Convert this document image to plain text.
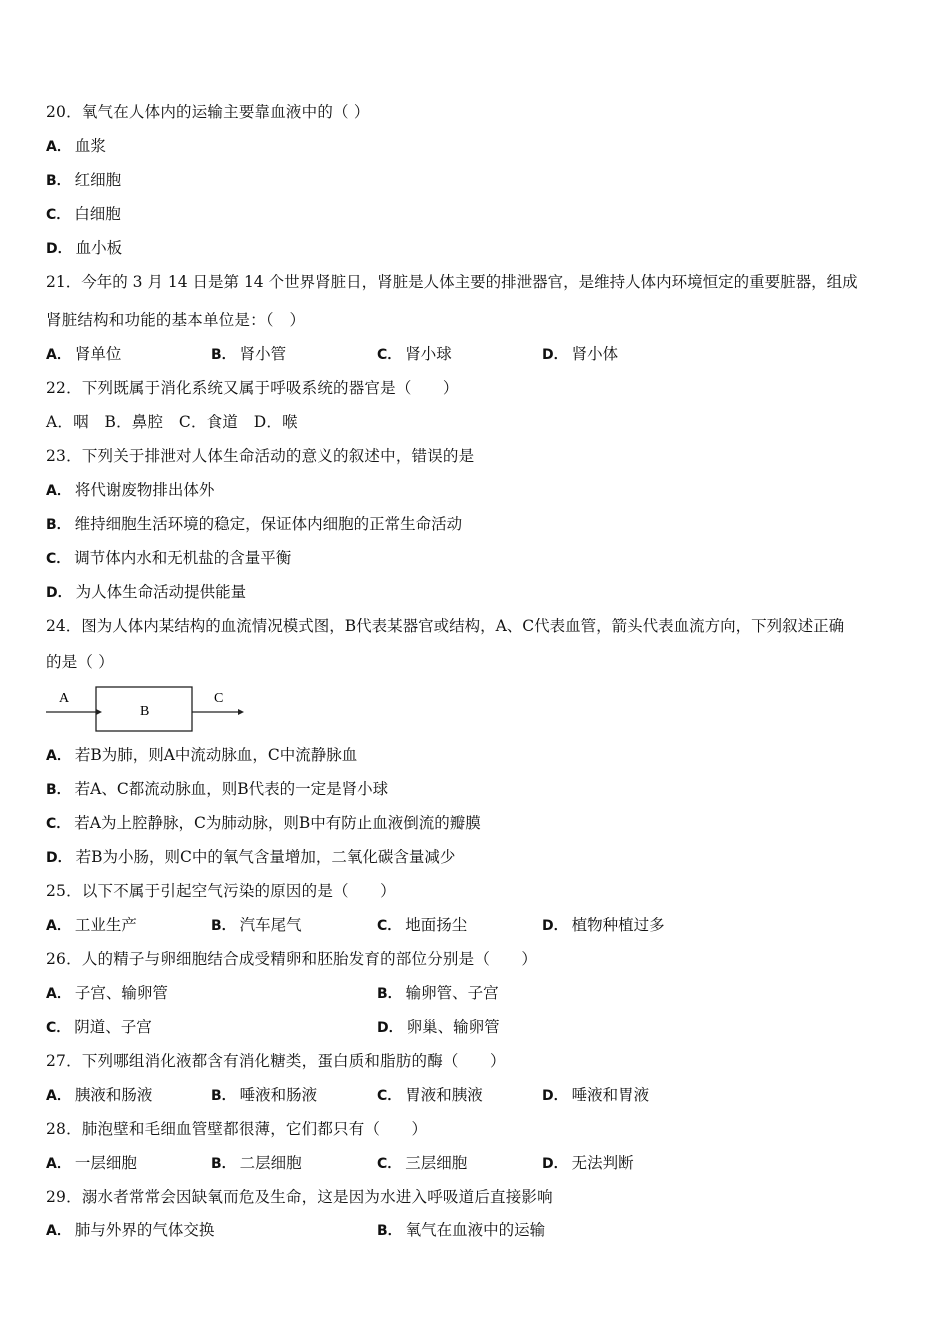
20．氧气在人体内的运输主要靠血液中的（ ）
A． 血浆
B． 红细胞
C． 白细胞
D． 血小板
21．今年的 3 月 14 日是第 14 个世界肾脏日，肾脏是人体主要的排泄器官，是维持人体内环境恒定的重要脏器，组成
肾脏结构和功能的基本单位是：（　）
A． 肾单位	B． 肾小管	C． 肾小球	D． 肾小体
22．下列既属于消化系统又属于呼吸系统的器官是（　　）
A．咽　B．鼻腔　C．食道　D．喉
23．下列关于排泄对人体生命活动的意义的叙述中，错误的是
A． 将代谢废物排出体外
B． 维持细胞生活环境的稳定，保证体内细胞的正常生命活动
C． 调节体内水和无机盐的含量平衡
D． 为人体生命活动提供能量
24．图为人体内某结构的血流情况模式图，B代表某器官或结构，A、C代表血管，箭头代表血流方向，下列叙述正确
的是（ ）
A
B
C
A． 若B为肺，则A中流动脉血，C中流静脉血
B． 若A、C都流动脉血，则B代表的一定是肾小球
C． 若A为上腔静脉，C为肺动脉，则B中有防止血液倒流的瓣膜
D． 若B为小肠，则C中的氧气含量增加，二氧化碳含量减少
25．以下不属于引起空气污染的原因的是（　　）
A． 工业生产	B． 汽车尾气	C． 地面扬尘	D． 植物种植过多
26．人的精子与卵细胞结合成受精卵和胚胎发育的部位分别是（　　）
A． 子宫、输卵管	B． 输卵管、子宫
C． 阴道、子宫	D． 卵巢、输卵管
27．下列哪组消化液都含有消化糖类，蛋白质和脂肪的酶（　　）
A． 胰液和肠液	B． 唾液和肠液	C． 胃液和胰液	D． 唾液和胃液
28．肺泡壁和毛细血管壁都很薄，它们都只有（　　）
A． 一层细胞	B． 二层细胞	C． 三层细胞	D． 无法判断
29．溺水者常常会因缺氧而危及生命，这是因为水进入呼吸道后直接影响
A． 肺与外界的气体交换	B． 氧气在血液中的运输
